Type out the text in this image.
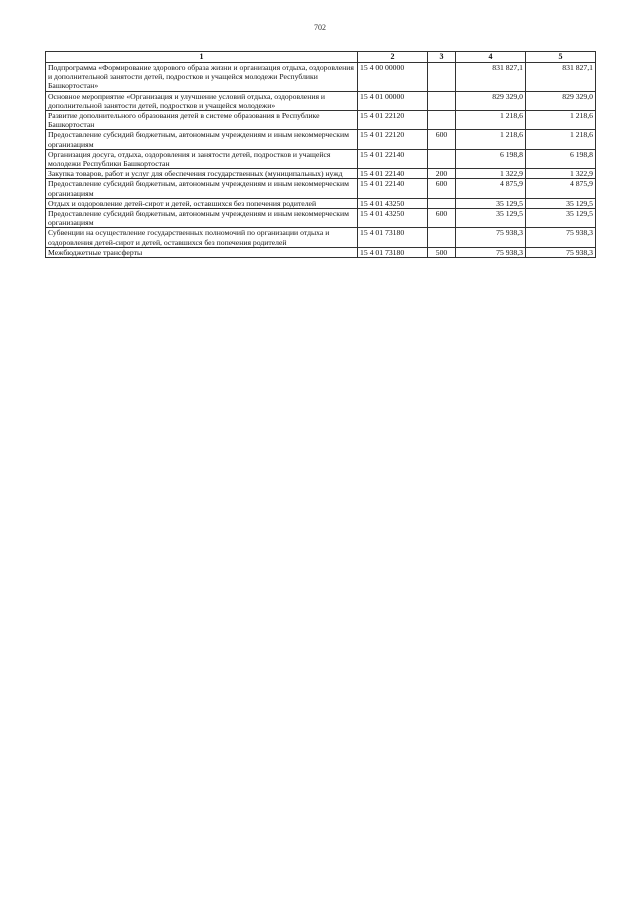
702
1	2	3	4	5
Подпрограмма «Формирование здорового образа жизни и организация отдыха, оздоровления и дополнительной занятости детей, подростков и учащейся молодежи Республики Башкортостан»	15 4 00 00000		831 827,1	831 827,1
Основное мероприятие «Организация и улучшение условий отдыха, оздоровления и дополнительной занятости детей, подростков и учащейся молодежи»	15 4 01 00000		829 329,0	829 329,0
Развитие дополнительного образования детей в системе образования в Республике Башкортостан	15 4 01 22120		1 218,6	1 218,6
Предоставление субсидий бюджетным, автономным учреждениям и иным некоммерческим организациям	15 4 01 22120	600	1 218,6	1 218,6
Организация досуга, отдыха, оздоровления и занятости детей, подростков и учащейся молодежи Республики Башкортостан	15 4 01 22140		6 198,8	6 198,8
Закупка товаров, работ и услуг для обеспечения государственных (муниципальных) нужд	15 4 01 22140	200	1 322,9	1 322,9
Предоставление субсидий бюджетным, автономным учреждениям и иным некоммерческим организациям	15 4 01 22140	600	4 875,9	4 875,9
Отдых и оздоровление детей-сирот и детей, оставшихся без попечения родителей	15 4 01 43250		35 129,5	35 129,5
Предоставление субсидий бюджетным, автономным учреждениям и иным некоммерческим организациям	15 4 01 43250	600	35 129,5	35 129,5
Субвенции на осуществление государственных полномочий по организации отдыха и оздоровления детей-сирот и детей, оставшихся без попечения родителей	15 4 01 73180		75 938,3	75 938,3
Межбюджетные трансферты	15 4 01 73180	500	75 938,3	75 938,3
